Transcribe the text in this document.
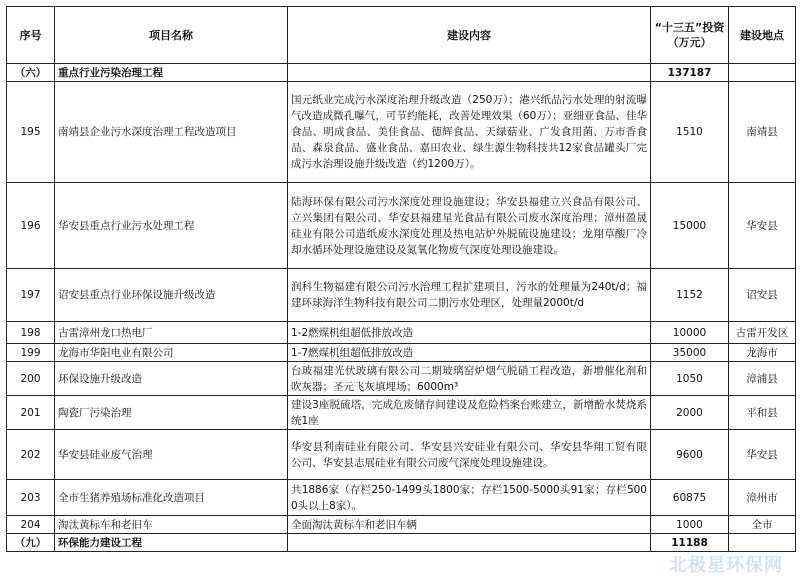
序号	项目名称	建设内容	“十三五”投资（万元）	建设地点
（六）	重点行业污染治理工程		137187	
195	南靖县企业污水深度治理工程改造项目	国元纸业完成污水深度治理升级改造（250万）；港兴纸品污水处理的射流曝气改造成微孔曝气，可节约能耗，改善处理效果（60万）；亚细亚食品、佳华食品、明成食品、美佳食品、德辉食品、天绿菇业、广发食用菌、万市香食品、森泉食品、盛业食品、嘉田农业、绿生源生物科技共12家食品罐头厂完成污水治理设施升级改造（约1200万）。	1510	南靖县
196	华安县重点行业污水处理工程	陆海环保有限公司污水深度处理设施建设；华安县福建立兴食品有限公司、立兴集团有限公司、华安县福建星光食品有限公司废水深度治理；漳州盈晟硅业有限公司造纸废水深度处理及热电站炉外脱硫设施建设；龙翔草酸厂冷却水循环处理设施建设及氮氧化物废气深度处理设施建设。	15000	华安县
197	诏安县重点行业环保设施升级改造	润科生物福建有限公司污水治理工程扩建项目，污水的处理量为240t/d；福建环球海洋生物科技有限公司二期污水处理区，处理量2000t/d	1152	诏安县
198	古雷漳州龙口热电厂	1-2燃煤机组超低排放改造	10000	古雷开发区
199	龙海市华阳电业有限公司	1-7燃煤机组超低排放改造	35000	龙海市
200	环保设施升级改造	台玻福建光伏玻璃有限公司二期玻璃窑炉烟气脱硝工程改造，新增催化剂和吹灰器；圣元飞灰填埋场；6000m³	1050	漳浦县
201	陶瓷厂污染治理	建设3座脱硫塔，完成危废储存间建设及危险档案台账建立，新增酚水焚烧系统1座	2000	平和县
202	华安县硅业废气治理	华安县利南硅业有限公司、华安县兴安硅业有限公司、华安县华翔工贸有限公司、华安县志展硅业有限公司废气深度处理设施建设。	9600	华安县
203	全市生猪养殖场标准化改造项目	共1886家（存栏250-1499头1800家；存栏1500-5000头91家；存栏5000头以上8家）。	60875	漳州市
204	淘汰黄标车和老旧车	全面淘汰黄标车和老旧车辆	1000	全市
（九）	环保能力建设工程		11188	
北极星环保网
